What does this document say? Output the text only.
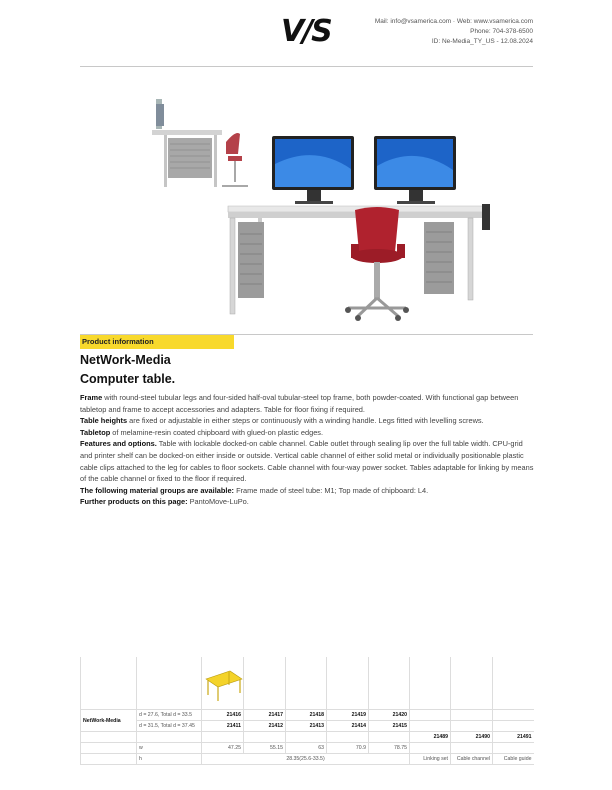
V/S	Mail: info@vsamerica.com · Web: www.vsamerica.com
Phone: 704-378-6500
ID: Ne-Media_TY_US - 12.08.2024
Product information
NetWork-Media
Computer table.
Frame with round-steel tubular legs and four-sided half-oval tubular-steel top frame, both powder-coated. With functional gap between tabletop and frame to accept accessories and adapters. Table for floor fixing if required.
Table heights are fixed or adjustable in either steps or continuously with a winding handle. Legs fitted with levelling screws.
Tabletop of melamine-resin coated chipboard with glued-on plastic edges.
Features and options. Table with lockable docked-on cable channel. Cable outlet through sealing lip over the full table width. CPU-grid and printer shelf can be docked-on either inside or outside. Vertical cable channel of either solid metal or individually positionable plastic cable clips attached to the leg for cables to floor sockets. Cable channel with four-way power socket. Tables adaptable for linking by means of the cable channel or fixed to the floor if required.
The following material groups are available: Frame made of steel tube: M1; Top made of chipboard: L4.
Further products on this page: PantoMove-LuPo.

NetWork-Media	d = 27.6, Total d = 33.5	21416	21417	21418	21419	21420			
	d = 31.5, Total d = 37.45	21411	21412	21413	21414	21415			
							21489	21490	21491
	w	47.25	55.15	63	70.9	78.75			
	h	28.35(25.6-33.5)					Linking set	Cable channel	Cable guide
